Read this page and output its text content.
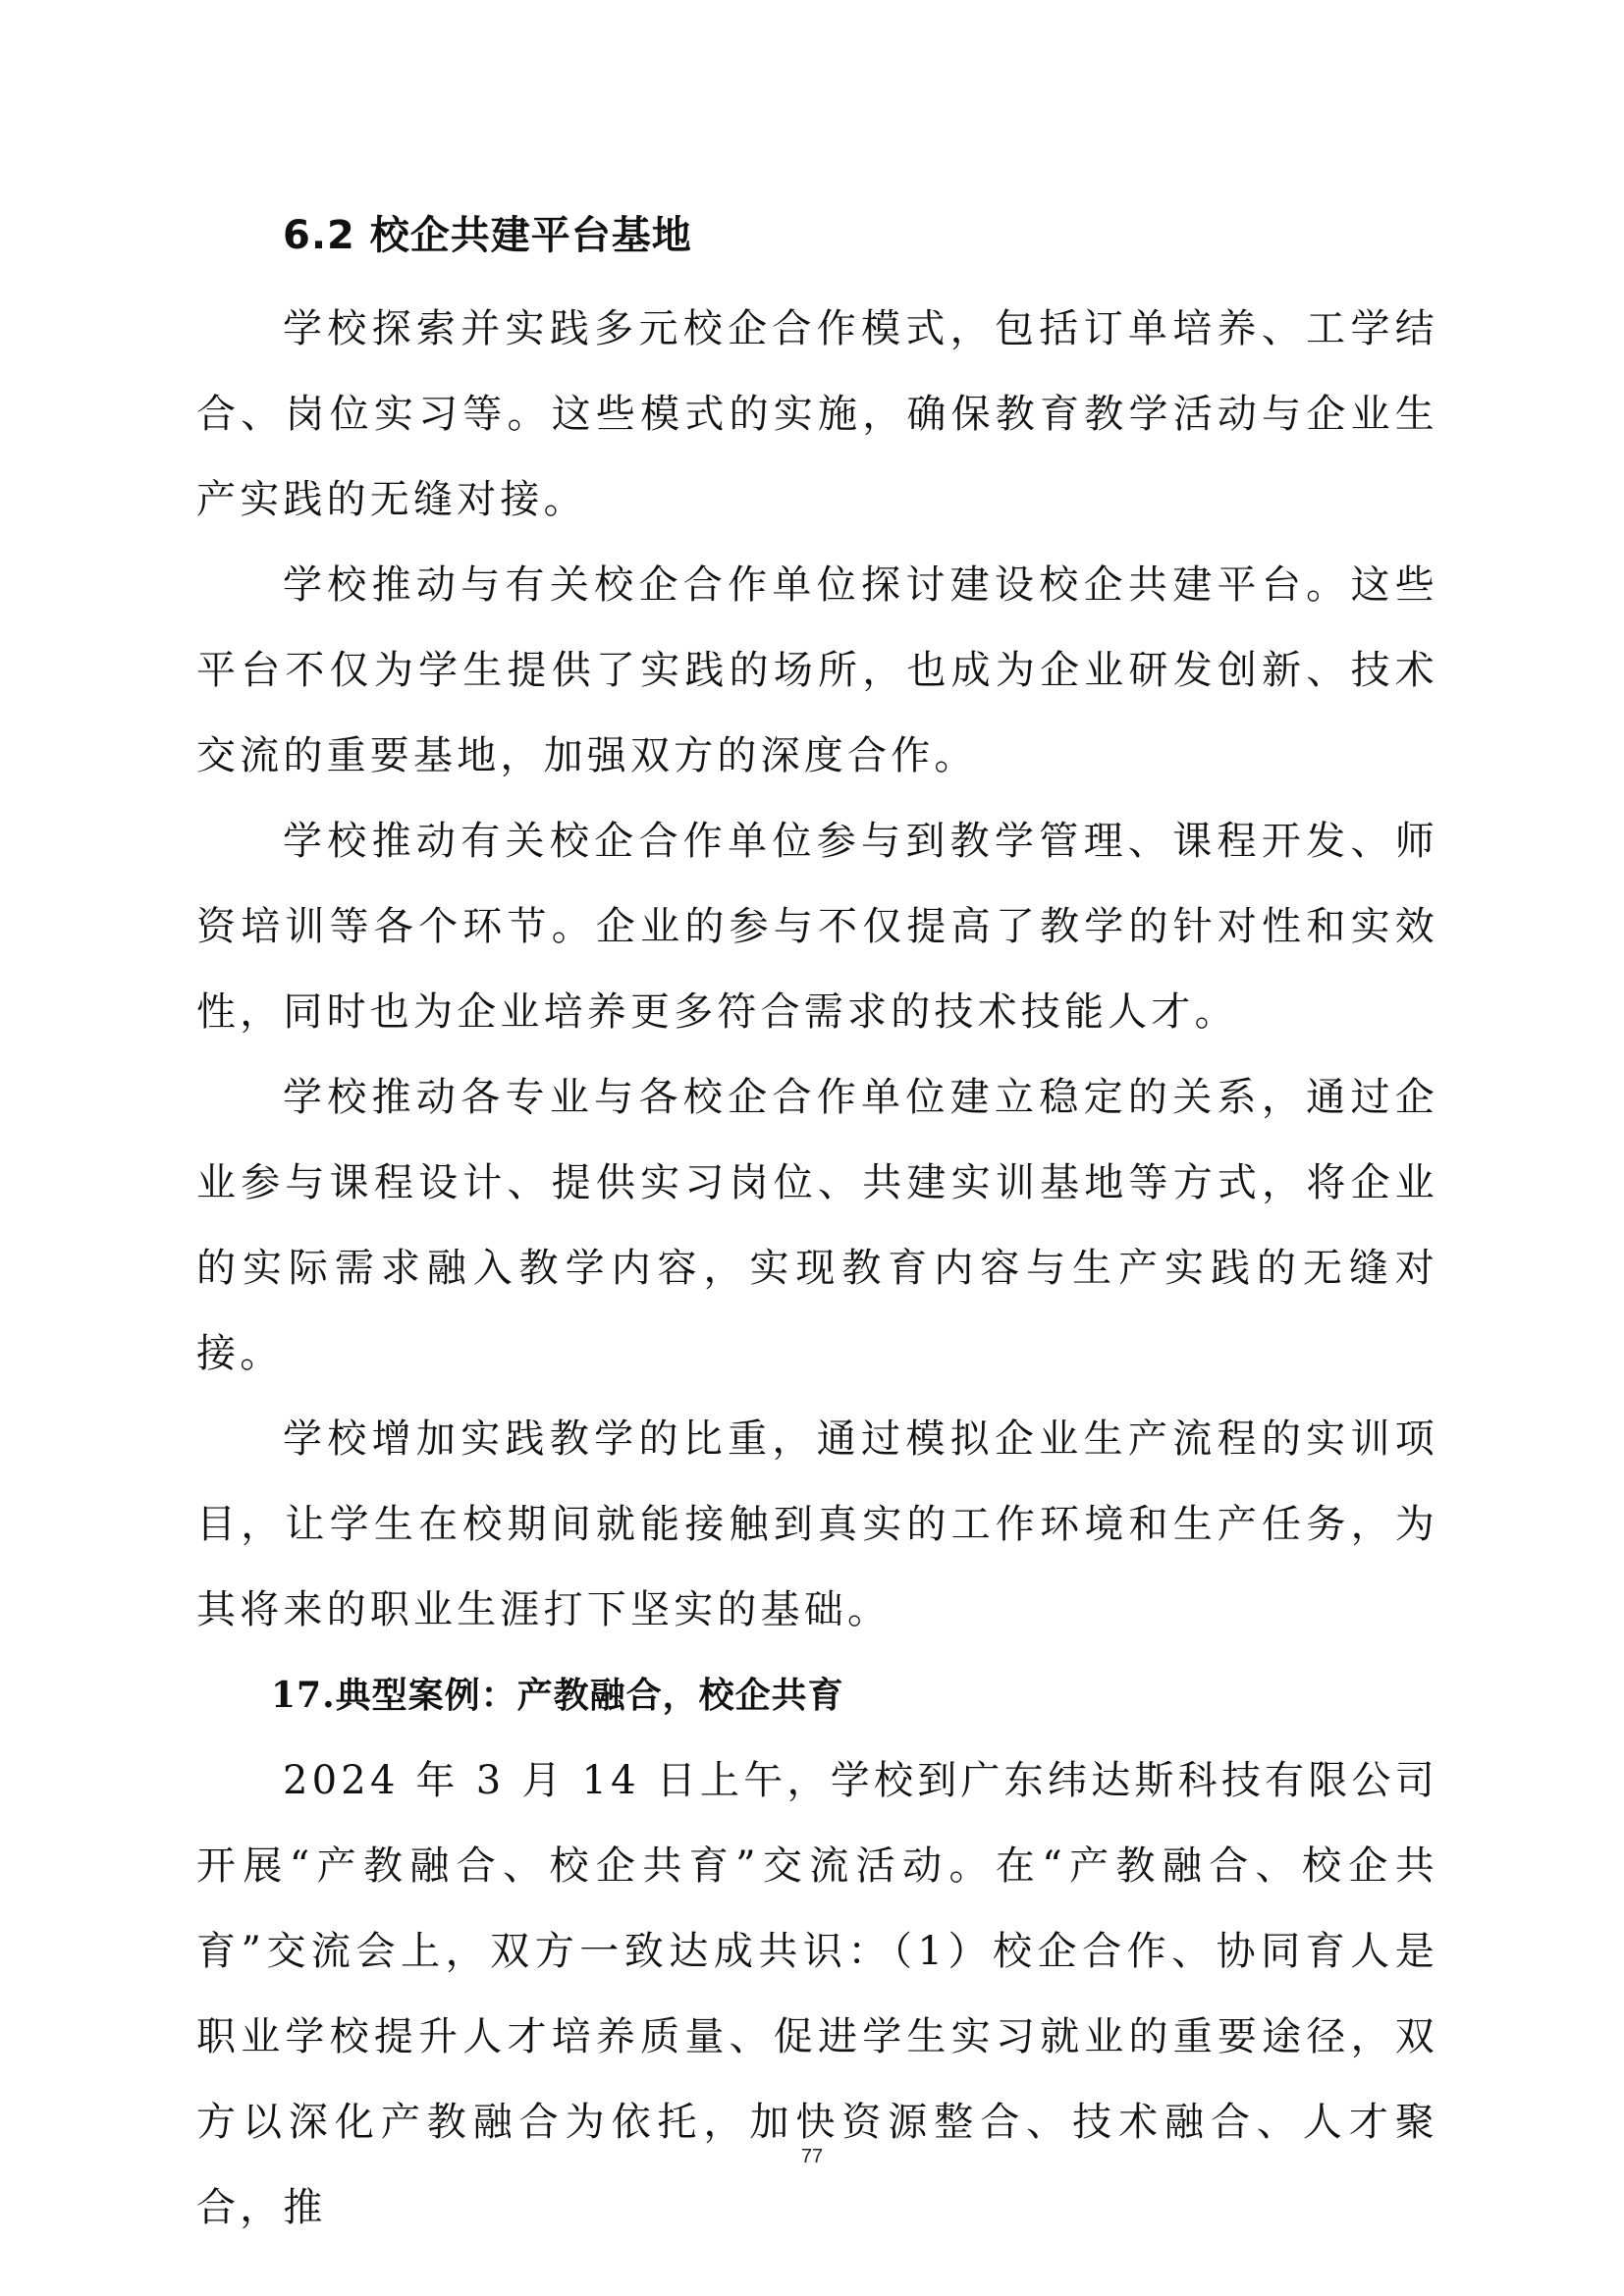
6.2 校企共建平台基地

学校探索并实践多元校企合作模式，包括订单培养、工学结合、岗位实习等。这些模式的实施，确保教育教学活动与企业生产实践的无缝对接。

学校推动与有关校企合作单位探讨建设校企共建平台。这些平台不仅为学生提供了实践的场所，也成为企业研发创新、技术交流的重要基地，加强双方的深度合作。

学校推动有关校企合作单位参与到教学管理、课程开发、师资培训等各个环节。企业的参与不仅提高了教学的针对性和实效性，同时也为企业培养更多符合需求的技术技能人才。

学校推动各专业与各校企合作单位建立稳定的关系，通过企业参与课程设计、提供实习岗位、共建实训基地等方式，将企业的实际需求融入教学内容，实现教育内容与生产实践的无缝对接。

学校增加实践教学的比重，通过模拟企业生产流程的实训项目，让学生在校期间就能接触到真实的工作环境和生产任务，为其将来的职业生涯打下坚实的基础。

17.典型案例：产教融合，校企共育

2024 年 3 月 14 日上午，学校到广东纬达斯科技有限公司开展“产教融合、校企共育”交流活动。在“产教融合、校企共育”交流会上，双方一致达成共识：（1）校企合作、协同育人是职业学校提升人才培养质量、促进学生实习就业的重要途径，双方以深化产教融合为依托，加快资源整合、技术融合、人才聚合，推

77
